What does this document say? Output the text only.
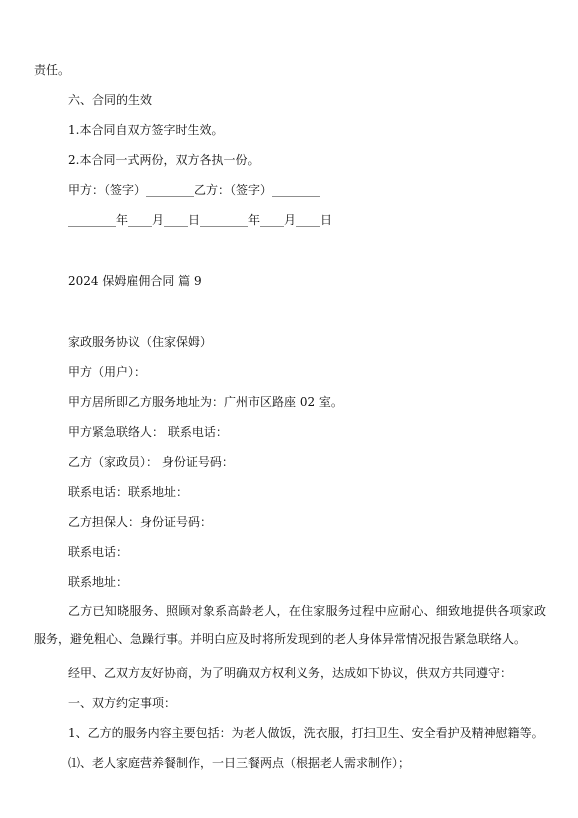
责任。
六、合同的生效
1.本合同自双方签字时生效。
2.本合同一式两份，双方各执一份。
甲方：（签字）________乙方：（签字）________
________年____月____日________年____月____日
2024 保姆雇佣合同 篇 9
家政服务协议（住家保姆）
甲方（用户）：
甲方居所即乙方服务地址为：广州市区路座 02 室。
甲方紧急联络人： 联系电话：
乙方（家政员）： 身份证号码：
联系电话：联系地址：
乙方担保人：身份证号码：
联系电话：
联系地址：
乙方已知晓服务、照顾对象系高龄老人，在住家服务过程中应耐心、细致地提供各项家政服务，避免粗心、急躁行事。并明白应及时将所发现到的老人身体异常情况报告紧急联络人。
经甲、乙双方友好协商，为了明确双方权利义务，达成如下协议，供双方共同遵守：
一、双方约定事项：
1、乙方的服务内容主要包括：为老人做饭，洗衣服，打扫卫生、安全看护及精神慰籍等。
⑴、老人家庭营养餐制作，一日三餐两点（根据老人需求制作）；
